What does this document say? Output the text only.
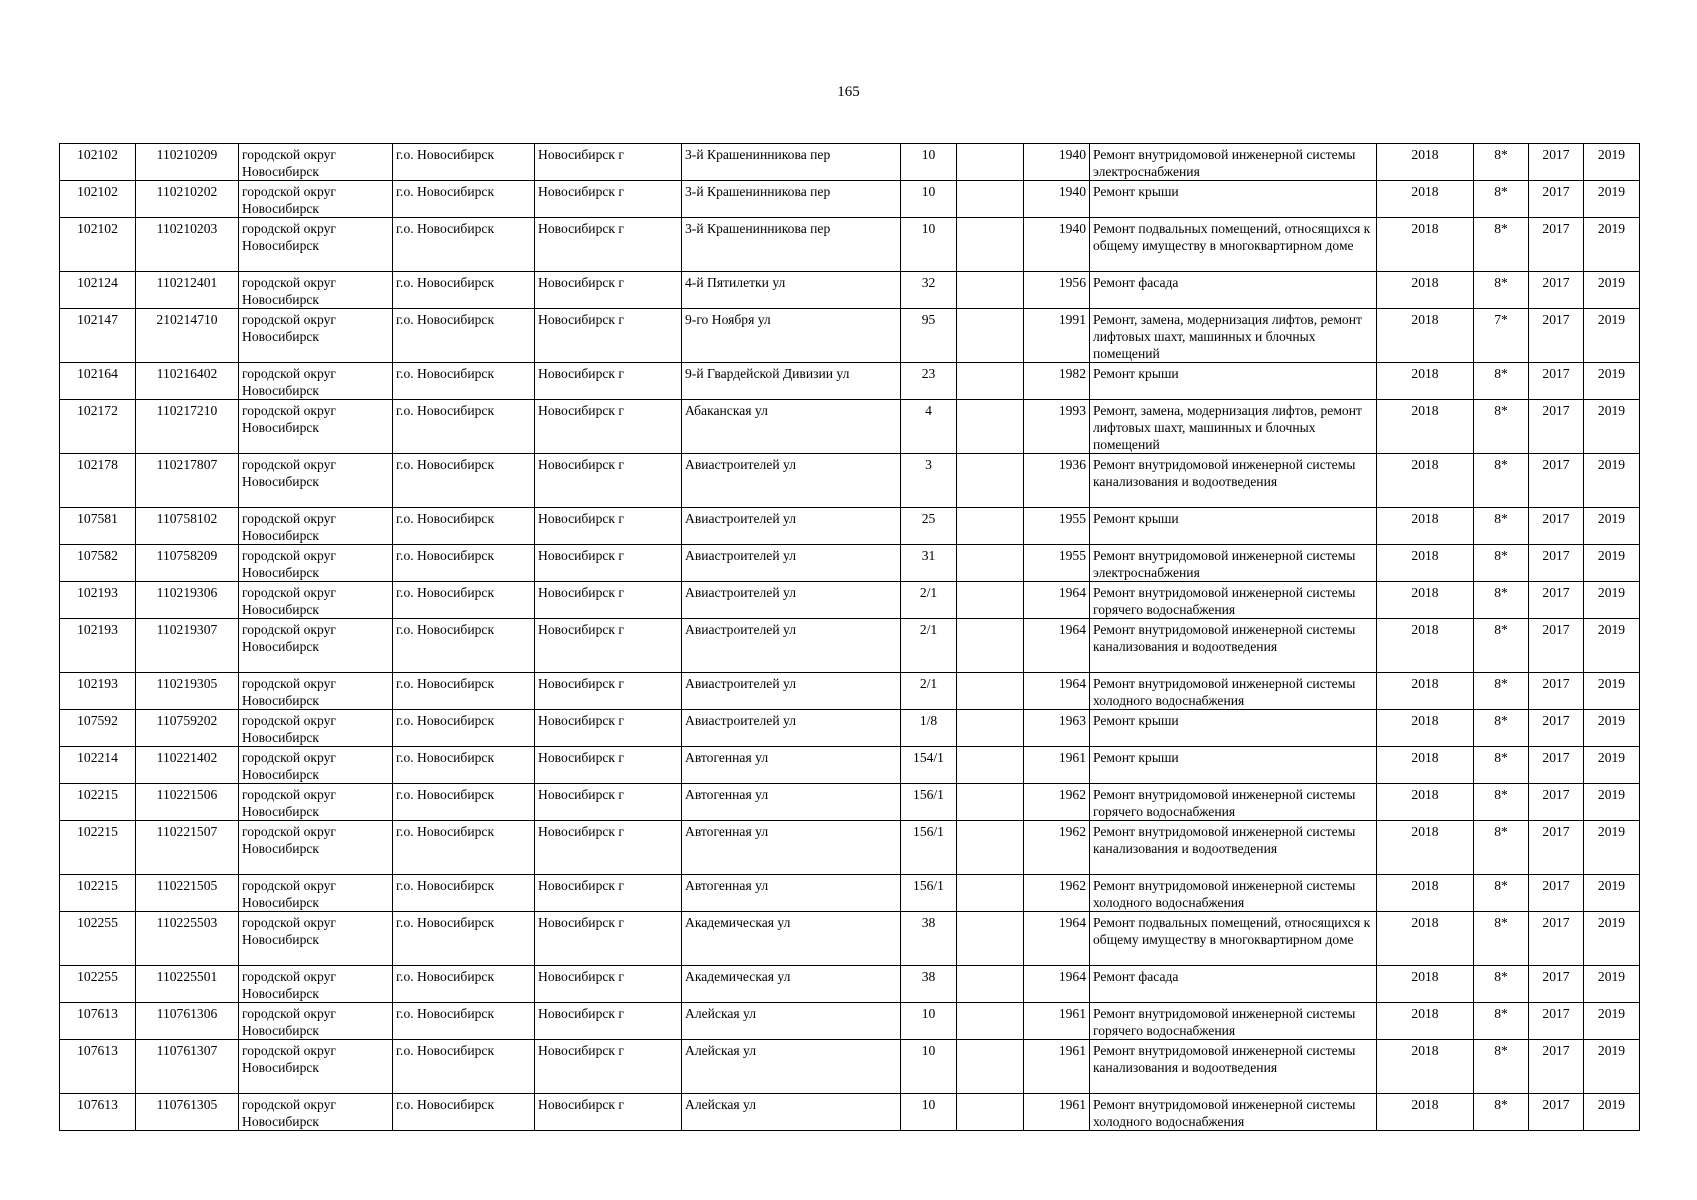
165
102102	110210209	городской округ Новосибирск	г.о. Новосибирск	Новосибирск г	3-й Крашенинникова пер	10		1940	Ремонт внутридомовой инженерной системы электроснабжения	2018	8*	2017	2019
102102	110210202	городской округ Новосибирск	г.о. Новосибирск	Новосибирск г	3-й Крашенинникова пер	10		1940	Ремонт крыши	2018	8*	2017	2019
102102	110210203	городской округ Новосибирск	г.о. Новосибирск	Новосибирск г	3-й Крашенинникова пер	10		1940	Ремонт подвальных помещений, относящихся к общему имуществу в многоквартирном доме	2018	8*	2017	2019
102124	110212401	городской округ Новосибирск	г.о. Новосибирск	Новосибирск г	4-й Пятилетки ул	32		1956	Ремонт фасада	2018	8*	2017	2019
102147	210214710	городской округ Новосибирск	г.о. Новосибирск	Новосибирск г	9-го Ноября ул	95		1991	Ремонт, замена, модернизация лифтов, ремонт лифтовых шахт, машинных и блочных помещений	2018	7*	2017	2019
102164	110216402	городской округ Новосибирск	г.о. Новосибирск	Новосибирск г	9-й Гвардейской Дивизии ул	23		1982	Ремонт крыши	2018	8*	2017	2019
102172	110217210	городской округ Новосибирск	г.о. Новосибирск	Новосибирск г	Абаканская ул	4		1993	Ремонт, замена, модернизация лифтов, ремонт лифтовых шахт, машинных и блочных помещений	2018	8*	2017	2019
102178	110217807	городской округ Новосибирск	г.о. Новосибирск	Новосибирск г	Авиастроителей ул	3		1936	Ремонт внутридомовой инженерной системы канализования и водоотведения	2018	8*	2017	2019
107581	110758102	городской округ Новосибирск	г.о. Новосибирск	Новосибирск г	Авиастроителей ул	25		1955	Ремонт крыши	2018	8*	2017	2019
107582	110758209	городской округ Новосибирск	г.о. Новосибирск	Новосибирск г	Авиастроителей ул	31		1955	Ремонт внутридомовой инженерной системы электроснабжения	2018	8*	2017	2019
102193	110219306	городской округ Новосибирск	г.о. Новосибирск	Новосибирск г	Авиастроителей ул	2/1		1964	Ремонт внутридомовой инженерной системы горячего водоснабжения	2018	8*	2017	2019
102193	110219307	городской округ Новосибирск	г.о. Новосибирск	Новосибирск г	Авиастроителей ул	2/1		1964	Ремонт внутридомовой инженерной системы канализования и водоотведения	2018	8*	2017	2019
102193	110219305	городской округ Новосибирск	г.о. Новосибирск	Новосибирск г	Авиастроителей ул	2/1		1964	Ремонт внутридомовой инженерной системы холодного водоснабжения	2018	8*	2017	2019
107592	110759202	городской округ Новосибирск	г.о. Новосибирск	Новосибирск г	Авиастроителей ул	1/8		1963	Ремонт крыши	2018	8*	2017	2019
102214	110221402	городской округ Новосибирск	г.о. Новосибирск	Новосибирск г	Автогенная ул	154/1		1961	Ремонт крыши	2018	8*	2017	2019
102215	110221506	городской округ Новосибирск	г.о. Новосибирск	Новосибирск г	Автогенная ул	156/1		1962	Ремонт внутридомовой инженерной системы горячего водоснабжения	2018	8*	2017	2019
102215	110221507	городской округ Новосибирск	г.о. Новосибирск	Новосибирск г	Автогенная ул	156/1		1962	Ремонт внутридомовой инженерной системы канализования и водоотведения	2018	8*	2017	2019
102215	110221505	городской округ Новосибирск	г.о. Новосибирск	Новосибирск г	Автогенная ул	156/1		1962	Ремонт внутридомовой инженерной системы холодного водоснабжения	2018	8*	2017	2019
102255	110225503	городской округ Новосибирск	г.о. Новосибирск	Новосибирск г	Академическая ул	38		1964	Ремонт подвальных помещений, относящихся к общему имуществу в многоквартирном доме	2018	8*	2017	2019
102255	110225501	городской округ Новосибирск	г.о. Новосибирск	Новосибирск г	Академическая ул	38		1964	Ремонт фасада	2018	8*	2017	2019
107613	110761306	городской округ Новосибирск	г.о. Новосибирск	Новосибирск г	Алейская ул	10		1961	Ремонт внутридомовой инженерной системы горячего водоснабжения	2018	8*	2017	2019
107613	110761307	городской округ Новосибирск	г.о. Новосибирск	Новосибирск г	Алейская ул	10		1961	Ремонт внутридомовой инженерной системы канализования и водоотведения	2018	8*	2017	2019
107613	110761305	городской округ Новосибирск	г.о. Новосибирск	Новосибирск г	Алейская ул	10		1961	Ремонт внутридомовой инженерной системы холодного водоснабжения	2018	8*	2017	2019
